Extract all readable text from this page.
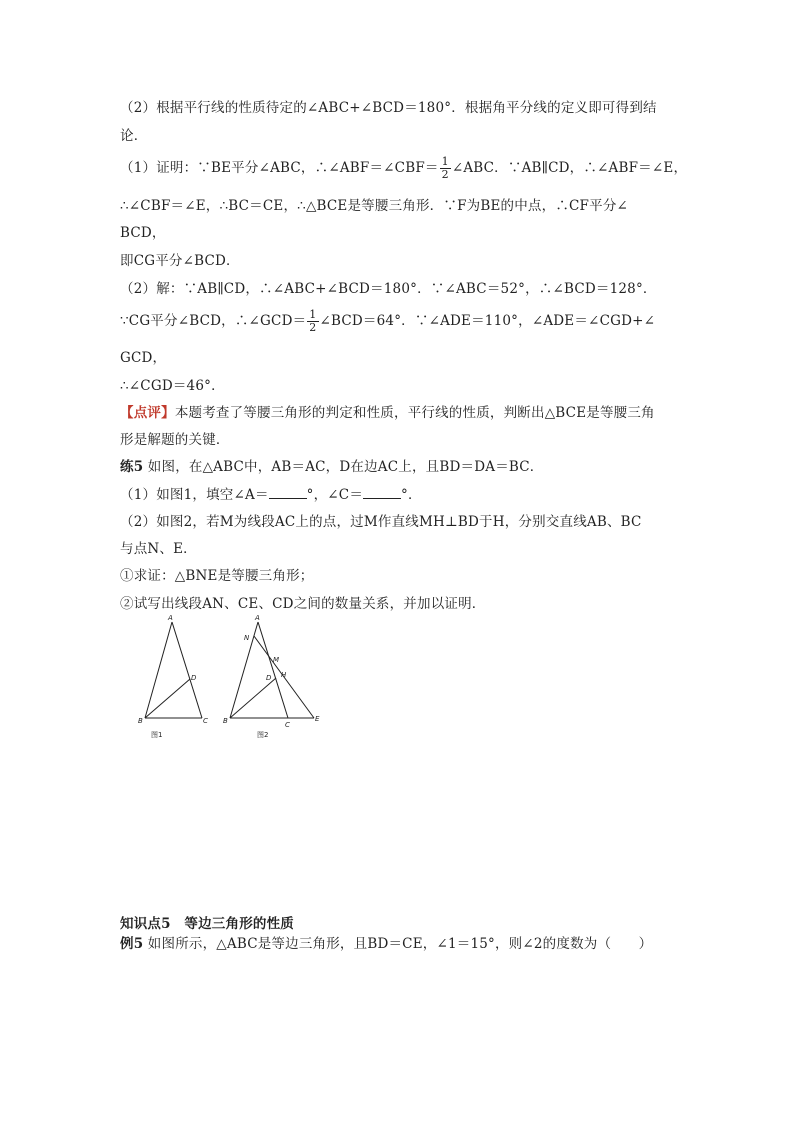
（2）根据平行线的性质待定的∠ABC+∠BCD＝180°．根据角平分线的定义即可得到结
论．
（1）证明：∵BE平分∠ABC，∴∠ABF＝∠CBF＝ $\frac{1}{2}$ ∠ABC．∵AB∥CD，∴∠ABF＝∠E，
∴∠CBF＝∠E，∴BC＝CE，∴△BCE是等腰三角形．∵F为BE的中点，∴CF平分∠
BCD，
即CG平分∠BCD．
（2）解：∵AB∥CD，∴∠ABC+∠BCD＝180°．∵∠ABC＝52°，∴∠BCD＝128°．
∵CG平分∠BCD，∴∠GCD＝ $\frac{1}{2}$ ∠BCD＝64°．∵∠ADE＝110°，∠ADE＝∠CGD+∠
GCD，
∴∠CGD＝46°．
【点评】本题考查了等腰三角形的判定和性质，平行线的性质，判断出△BCE是等腰三角
形是解题的关键．
练5 如图，在△ABC中，AB＝AC，D在边AC上，且BD＝DA＝BC．
（1）如图1，填空∠A＝	°，∠C＝	°．
（2）如图2，若M为线段AC上的点，过M作直线MH⊥BD于H，分别交直线AB、BC
与点N、E．
①求证：△BNE是等腰三角形；
②试写出线段AN、CE、CD之间的数量关系，并加以证明．
A
B	C
D
图1
A
N
M
D H
B	C
E
图2
知识点5　等边三角形的性质
例5 如图所示，△ABC是等边三角形，且BD＝CE，∠1＝15°，则∠2的度数为（　　）
